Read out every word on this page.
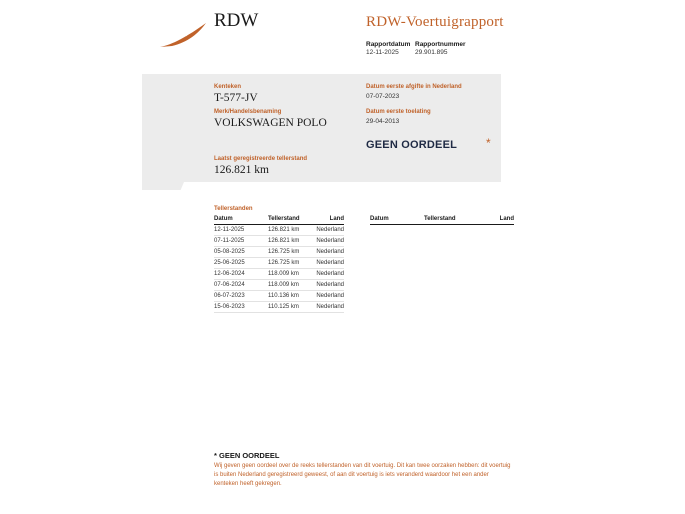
RDW	RDW-Voertuigrapport
Rapportdatum
12-11-2025
Rapportnummer
29.901.895
Kenteken
T-577-JV
Merk/Handelsbenaming
VOLKSWAGEN POLO
Laatst geregistreerde tellerstand
126.821 km
Datum eerste afgifte in Nederland
07-07-2023
Datum eerste toelating
29-04-2013
GEEN OORDEEL *
Tellerstanden
Datum	Tellerstand	Land
12-11-2025	126.821 km	Nederland
07-11-2025	126.821 km	Nederland
05-08-2025	126.725 km	Nederland
25-06-2025	126.725 km	Nederland
12-06-2024	118.009 km	Nederland
07-06-2024	118.009 km	Nederland
06-07-2023	110.136 km	Nederland
15-06-2023	110.125 km	Nederland
Datum	Tellerstand	Land
* GEEN OORDEEL
Wij geven geen oordeel over de reeks tellerstanden van dit voertuig. Dit kan twee oorzaken hebben: dit voertuig is buiten Nederland geregistreerd geweest, of aan dit voertuig is iets veranderd waardoor het een ander kenteken heeft gekregen.
